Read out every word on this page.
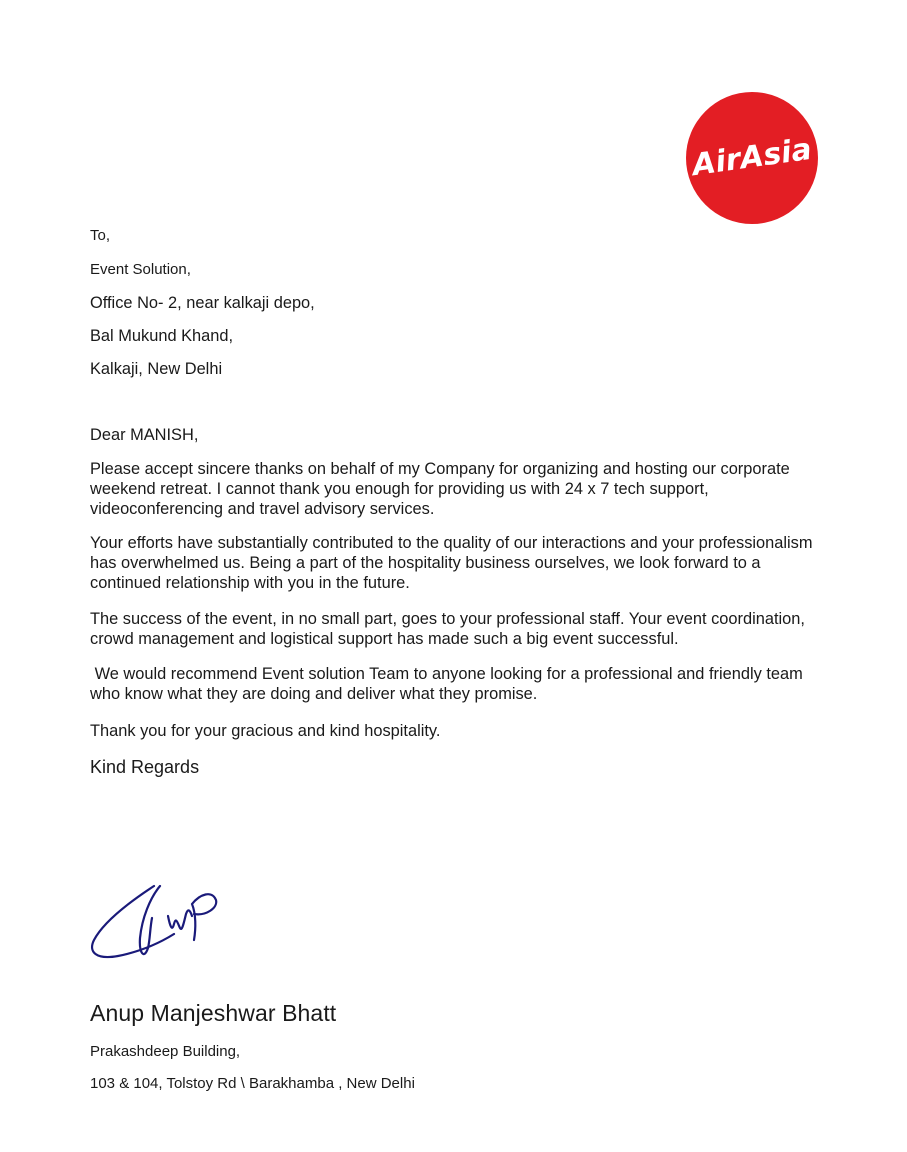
AirAsia

To,

Event Solution,

Office No- 2, near kalkaji depo,

Bal Mukund Khand,

Kalkaji, New Delhi

Dear MANISH,

Please accept sincere thanks on behalf of my Company for organizing and hosting our corporate weekend retreat. I cannot thank you enough for providing us with 24 x 7 tech support, videoconferencing and travel advisory services.

Your efforts have substantially contributed to the quality of our interactions and your professionalism has overwhelmed us. Being a part of the hospitality business ourselves, we look forward to a continued relationship with you in the future.

The success of the event, in no small part, goes to your professional staff. Your event coordination, crowd management and logistical support has made such a big event successful.

We would recommend Event solution Team to anyone looking for a professional and friendly team who know what they are doing and deliver what they promise.

Thank you for your gracious and kind hospitality.

Kind Regards

Anup Manjeshwar Bhatt

Prakashdeep Building,

103 & 104, Tolstoy Rd \ Barakhamba , New Delhi
